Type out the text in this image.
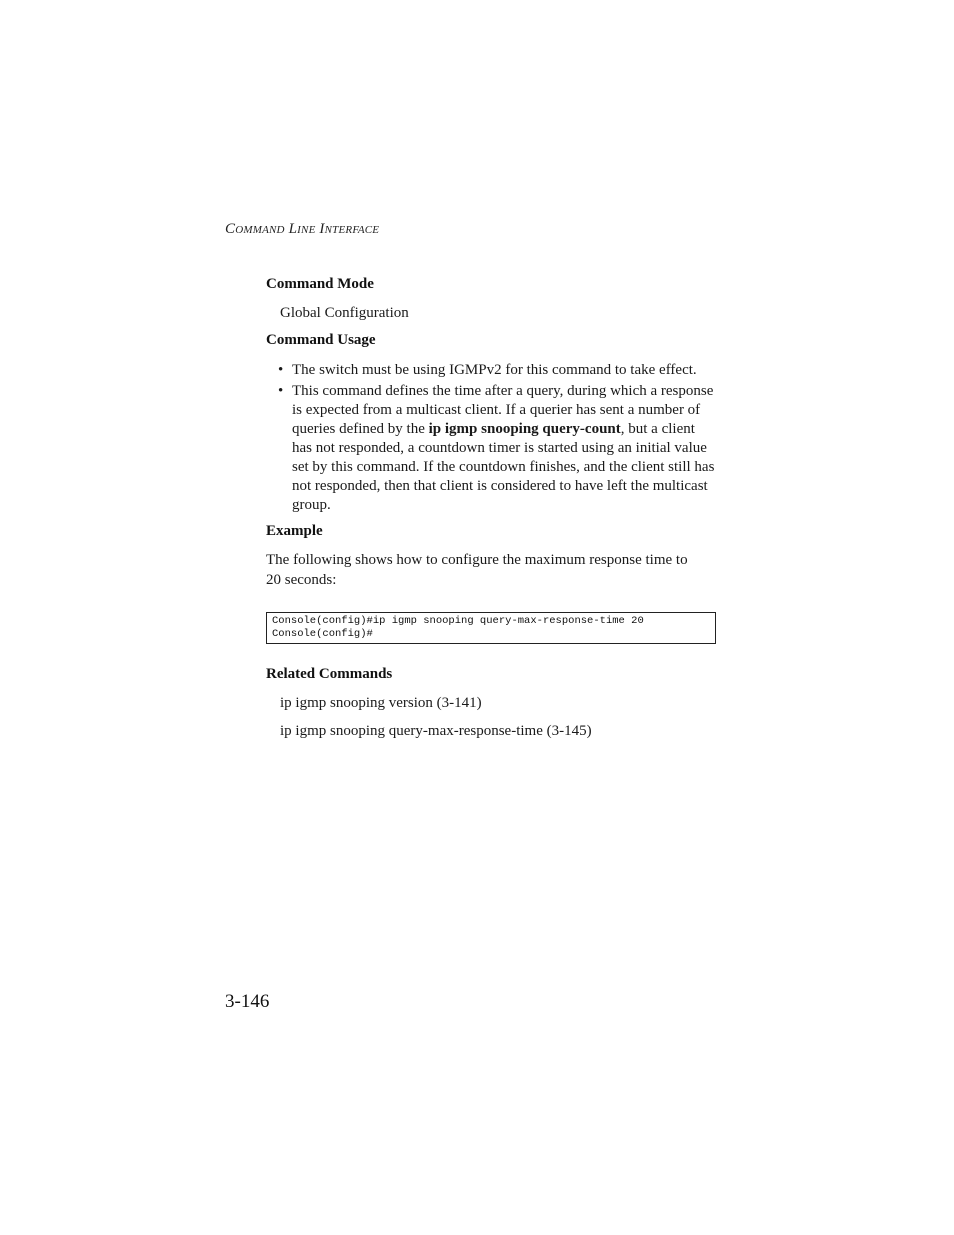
Command Line Interface
Command Mode
Global Configuration
Command Usage
• The switch must be using IGMPv2 for this command to take effect.
• This command defines the time after a query, during which a response is expected from a multicast client. If a querier has sent a number of queries defined by the ip igmp snooping query-count, but a client has not responded, a countdown timer is started using an initial value set by this command. If the countdown finishes, and the client still has not responded, then that client is considered to have left the multicast group.
Example
The following shows how to configure the maximum response time to
20 seconds:
Console(config)#ip igmp snooping query-max-response-time 20
Console(config)#
Related Commands
ip igmp snooping version (3-141)
ip igmp snooping query-max-response-time (3-145)
3-146
